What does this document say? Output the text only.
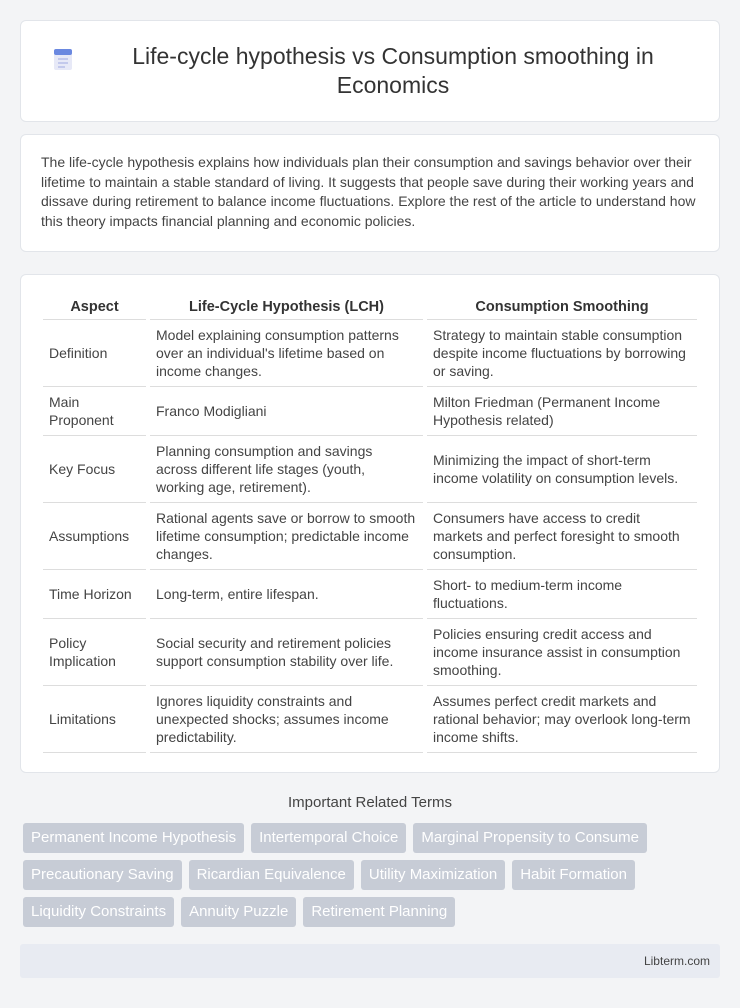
Life-cycle hypothesis vs Consumption smoothing in Economics

The life-cycle hypothesis explains how individuals plan their consumption and savings behavior over their lifetime to maintain a stable standard of living. It suggests that people save during their working years and dissave during retirement to balance income fluctuations. Explore the rest of the article to understand how this theory impacts financial planning and economic policies.

Aspect	Life-Cycle Hypothesis (LCH)	Consumption Smoothing
Definition	Model explaining consumption patterns over an individual's lifetime based on income changes.	Strategy to maintain stable consumption despite income fluctuations by borrowing or saving.
Main Proponent	Franco Modigliani	Milton Friedman (Permanent Income Hypothesis related)
Key Focus	Planning consumption and savings across different life stages (youth, working age, retirement).	Minimizing the impact of short-term income volatility on consumption levels.
Assumptions	Rational agents save or borrow to smooth lifetime consumption; predictable income changes.	Consumers have access to credit markets and perfect foresight to smooth consumption.
Time Horizon	Long-term, entire lifespan.	Short- to medium-term income fluctuations.
Policy Implication	Social security and retirement policies support consumption stability over life.	Policies ensuring credit access and income insurance assist in consumption smoothing.
Limitations	Ignores liquidity constraints and unexpected shocks; assumes income predictability.	Assumes perfect credit markets and rational behavior; may overlook long-term income shifts.
Important Related Terms
Permanent Income Hypothesis	Intertemporal Choice	Marginal Propensity to Consume
Precautionary Saving	Ricardian Equivalence	Utility Maximization	Habit Formation
Liquidity Constraints	Annuity Puzzle	Retirement Planning
Libterm.com
